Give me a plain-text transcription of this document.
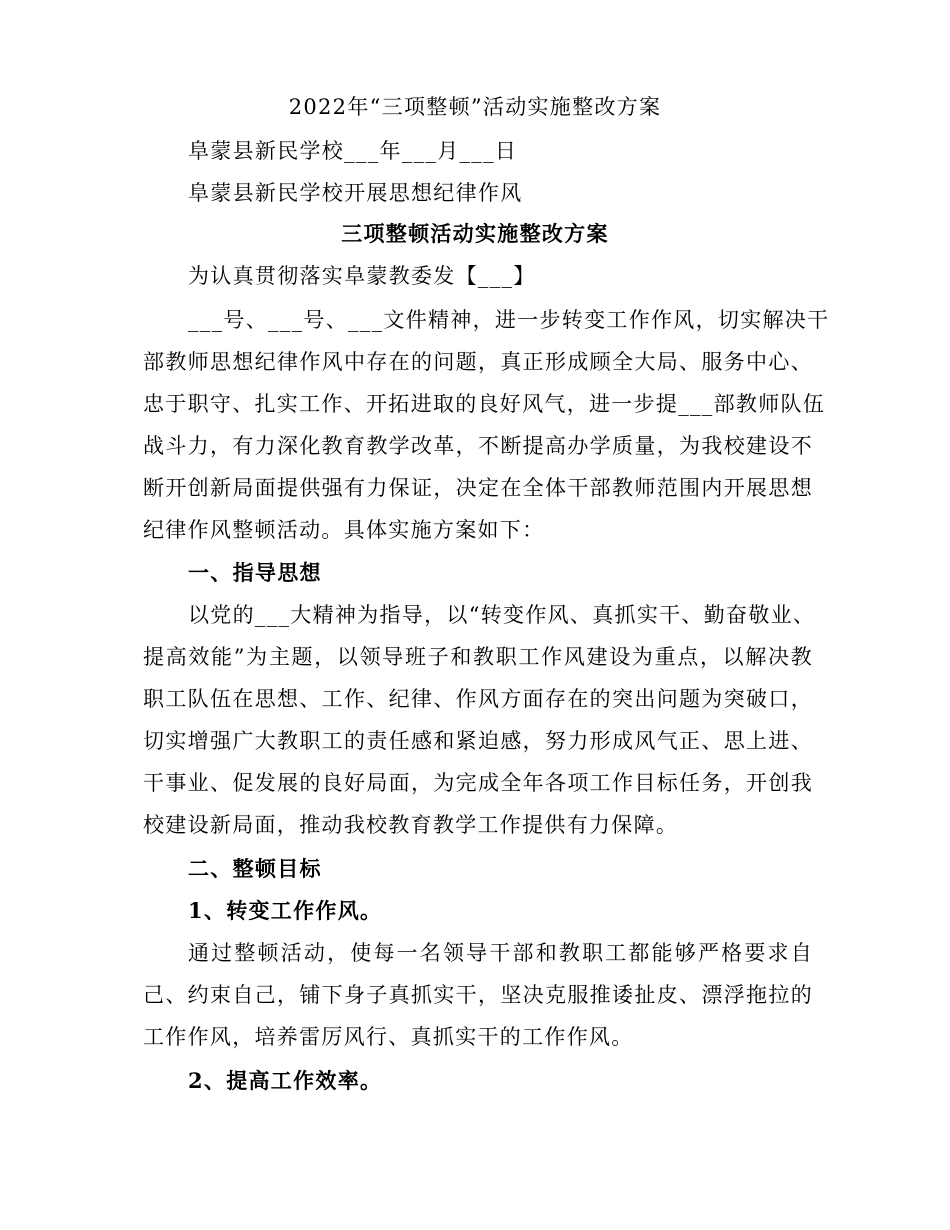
2022年“三项整顿”活动实施整改方案
阜蒙县新民学校___年___月___日
阜蒙县新民学校开展思想纪律作风
三项整顿活动实施整改方案
为认真贯彻落实阜蒙教委发【___】
___号、___号、___文件精神，进一步转变工作作风，切实解决干
部教师思想纪律作风中存在的问题，真正形成顾全大局、服务中心、
忠于职守、扎实工作、开拓进取的良好风气，进一步提___部教师队伍
战斗力，有力深化教育教学改革，不断提高办学质量，为我校建设不
断开创新局面提供强有力保证，决定在全体干部教师范围内开展思想
纪律作风整顿活动。具体实施方案如下：
一、指导思想
以党的___大精神为指导，以“转变作风、真抓实干、勤奋敬业、
提高效能”为主题，以领导班子和教职工作风建设为重点，以解决教
职工队伍在思想、工作、纪律、作风方面存在的突出问题为突破口，
切实增强广大教职工的责任感和紧迫感，努力形成风气正、思上进、
干事业、促发展的良好局面，为完成全年各项工作目标任务，开创我
校建设新局面，推动我校教育教学工作提供有力保障。
二、整顿目标
1、转变工作作风。
通过整顿活动，使每一名领导干部和教职工都能够严格要求自
己、约束自己，铺下身子真抓实干，坚决克服推诿扯皮、漂浮拖拉的
工作作风，培养雷厉风行、真抓实干的工作作风。
2、提高工作效率。
